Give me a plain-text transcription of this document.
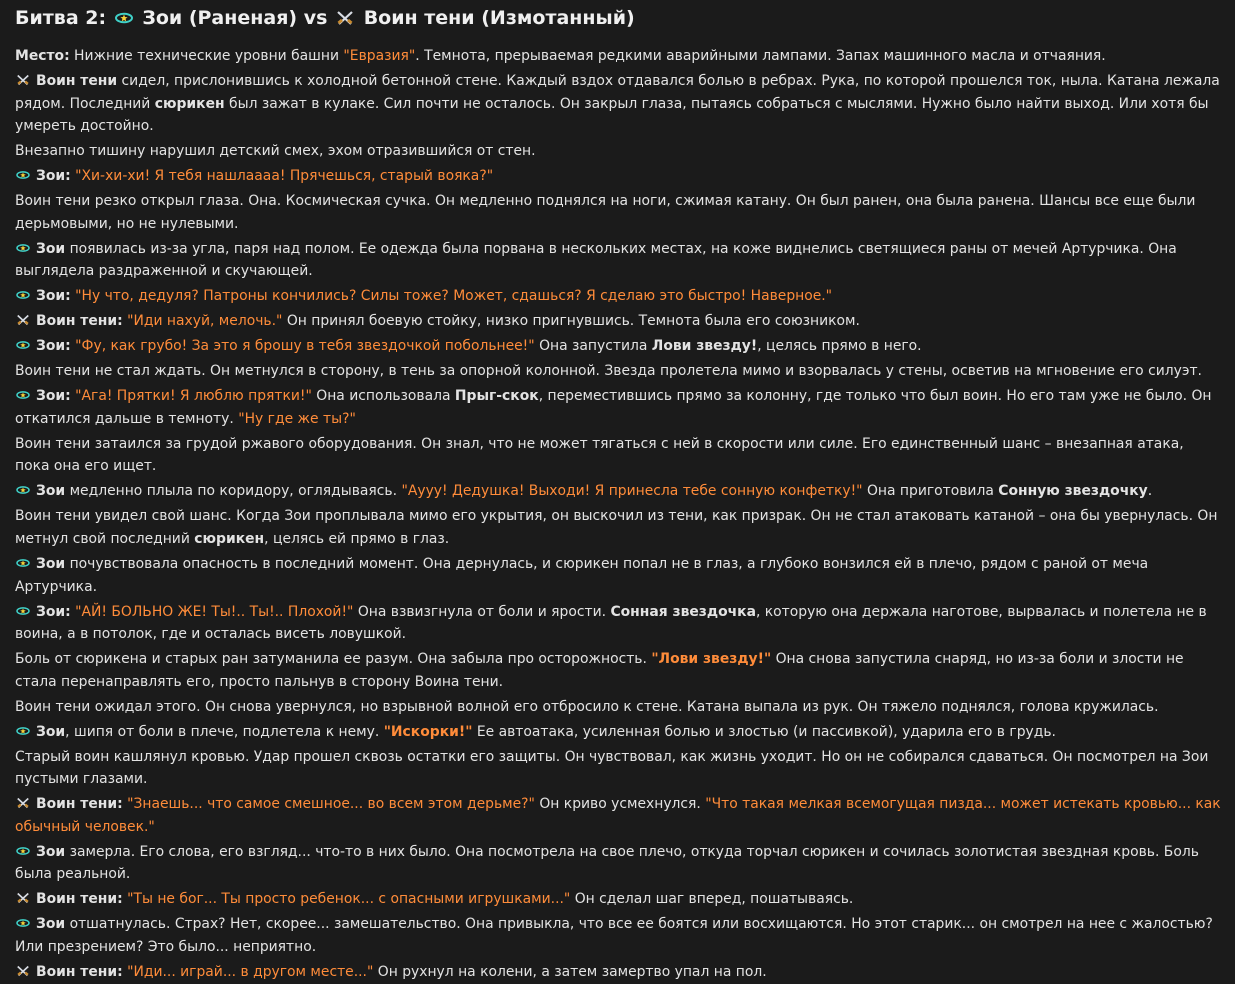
Битва 2: Зои (Раненая) vs Воин тени (Измотанный)
Место: Нижние технические уровни башни "Евразия". Темнота, прерываемая редкими аварийными лампами. Запах машинного масла и отчаяния.
Воин тени сидел, прислонившись к холодной бетонной стене. Каждый вздох отдавался болью в ребрах. Рука, по которой прошелся ток, ныла. Катана лежала рядом. Последний сюрикен был зажат в кулаке. Сил почти не осталось. Он закрыл глаза, пытаясь собраться с мыслями. Нужно было найти выход. Или хотя бы умереть достойно.
Внезапно тишину нарушил детский смех, эхом отразившийся от стен.
Зои: "Хи-хи-хи! Я тебя нашлаааа! Прячешься, старый вояка?"
Воин тени резко открыл глаза. Она. Космическая сучка. Он медленно поднялся на ноги, сжимая катану. Он был ранен, она была ранена. Шансы все еще были дерьмовыми, но не нулевыми.
Зои появилась из-за угла, паря над полом. Ее одежда была порвана в нескольких местах, на коже виднелись светящиеся раны от мечей Артурчика. Она выглядела раздраженной и скучающей.
Зои: "Ну что, дедуля? Патроны кончились? Силы тоже? Может, сдашься? Я сделаю это быстро! Наверное."
Воин тени: "Иди нахуй, мелочь." Он принял боевую стойку, низко пригнувшись. Темнота была его союзником.
Зои: "Фу, как грубо! За это я брошу в тебя звездочкой побольнее!" Она запустила Лови звезду!, целясь прямо в него.
Воин тени не стал ждать. Он метнулся в сторону, в тень за опорной колонной. Звезда пролетела мимо и взорвалась у стены, осветив на мгновение его силуэт.
Зои: "Ага! Прятки! Я люблю прятки!" Она использовала Прыг-скок, переместившись прямо за колонну, где только что был воин. Но его там уже не было. Он откатился дальше в темноту. "Ну где же ты?"
Воин тени затаился за грудой ржавого оборудования. Он знал, что не может тягаться с ней в скорости или силе. Его единственный шанс – внезапная атака, пока она его ищет.
Зои медленно плыла по коридору, оглядываясь. "Аууу! Дедушка! Выходи! Я принесла тебе сонную конфетку!" Она приготовила Сонную звездочку.
Воин тени увидел свой шанс. Когда Зои проплывала мимо его укрытия, он выскочил из тени, как призрак. Он не стал атаковать катаной – она бы увернулась. Он метнул свой последний сюрикен, целясь ей прямо в глаз.
Зои почувствовала опасность в последний момент. Она дернулась, и сюрикен попал не в глаз, а глубоко вонзился ей в плечо, рядом с раной от меча Артурчика.
Зои: "АЙ! БОЛЬНО ЖЕ! Ты!.. Ты!.. Плохой!" Она взвизгнула от боли и ярости. Сонная звездочка, которую она держала наготове, вырвалась и полетела не в воина, а в потолок, где и осталась висеть ловушкой.
Боль от сюрикена и старых ран затуманила ее разум. Она забыла про осторожность. "Лови звезду!" Она снова запустила снаряд, но из-за боли и злости не стала перенаправлять его, просто пальнув в сторону Воина тени.
Воин тени ожидал этого. Он снова увернулся, но взрывной волной его отбросило к стене. Катана выпала из рук. Он тяжело поднялся, голова кружилась.
Зои, шипя от боли в плече, подлетела к нему. "Искорки!" Ее автоатака, усиленная болью и злостью (и пассивкой), ударила его в грудь.
Старый воин кашлянул кровью. Удар прошел сквозь остатки его защиты. Он чувствовал, как жизнь уходит. Но он не собирался сдаваться. Он посмотрел на Зои пустыми глазами.
Воин тени: "Знаешь... что самое смешное... во всем этом дерьме?" Он криво усмехнулся. "Что такая мелкая всемогущая пизда... может истекать кровью... как обычный человек."
Зои замерла. Его слова, его взгляд... что-то в них было. Она посмотрела на свое плечо, откуда торчал сюрикен и сочилась золотистая звездная кровь. Боль была реальной.
Воин тени: "Ты не бог... Ты просто ребенок... с опасными игрушками..." Он сделал шаг вперед, пошатываясь.
Зои отшатнулась. Страх? Нет, скорее... замешательство. Она привыкла, что все ее боятся или восхищаются. Но этот старик... он смотрел на нее с жалостью? Или презрением? Это было... неприятно.
Воин тени: "Иди... играй... в другом месте..." Он рухнул на колени, а затем замертво упал на пол.
